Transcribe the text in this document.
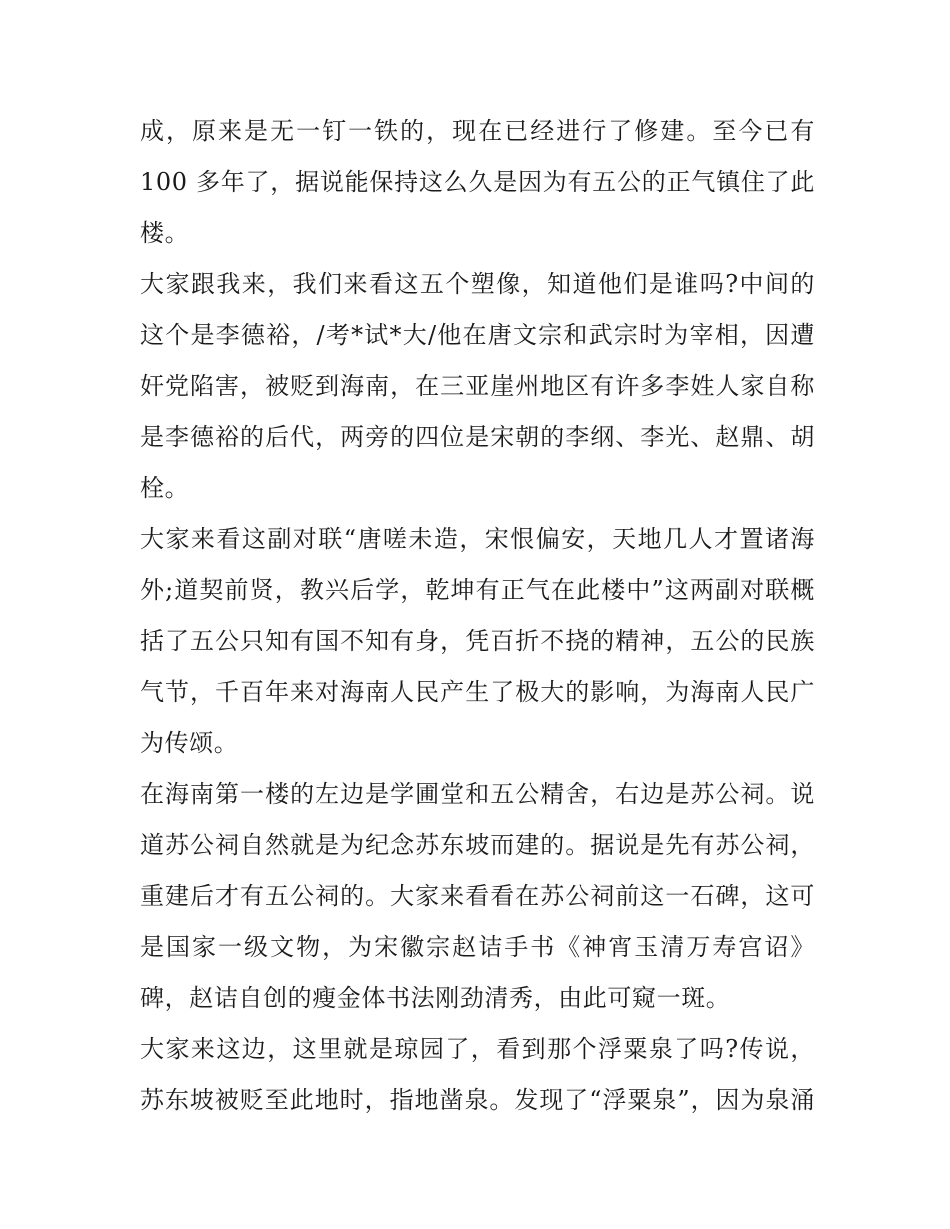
成，原来是无一钉一铁的，现在已经进行了修建。至今已有
100 多年了，据说能保持这么久是因为有五公的正气镇住了此
楼。
大家跟我来，我们来看这五个塑像，知道他们是谁吗?中间的
这个是李德裕，/考*试*大/他在唐文宗和武宗时为宰相，因遭
奸党陷害，被贬到海南，在三亚崖州地区有许多李姓人家自称
是李德裕的后代，两旁的四位是宋朝的李纲、李光、赵鼎、胡
栓。
大家来看这副对联“唐嗟未造，宋恨偏安，天地几人才置诸海
外;道契前贤，教兴后学，乾坤有正气在此楼中”这两副对联概
括了五公只知有国不知有身，凭百折不挠的精神，五公的民族
气节，千百年来对海南人民产生了极大的影响，为海南人民广
为传颂。
在海南第一楼的左边是学圃堂和五公精舍，右边是苏公祠。说
道苏公祠自然就是为纪念苏东坡而建的。据说是先有苏公祠，
重建后才有五公祠的。大家来看看在苏公祠前这一石碑，这可
是国家一级文物，为宋徽宗赵诘手书《神宵玉清万寿宫诏》
碑，赵诘自创的瘦金体书法刚劲清秀，由此可窥一斑。
大家来这边，这里就是琼园了，看到那个浮粟泉了吗?传说，
苏东坡被贬至此地时，指地凿泉。发现了“浮粟泉”，因为泉涌
